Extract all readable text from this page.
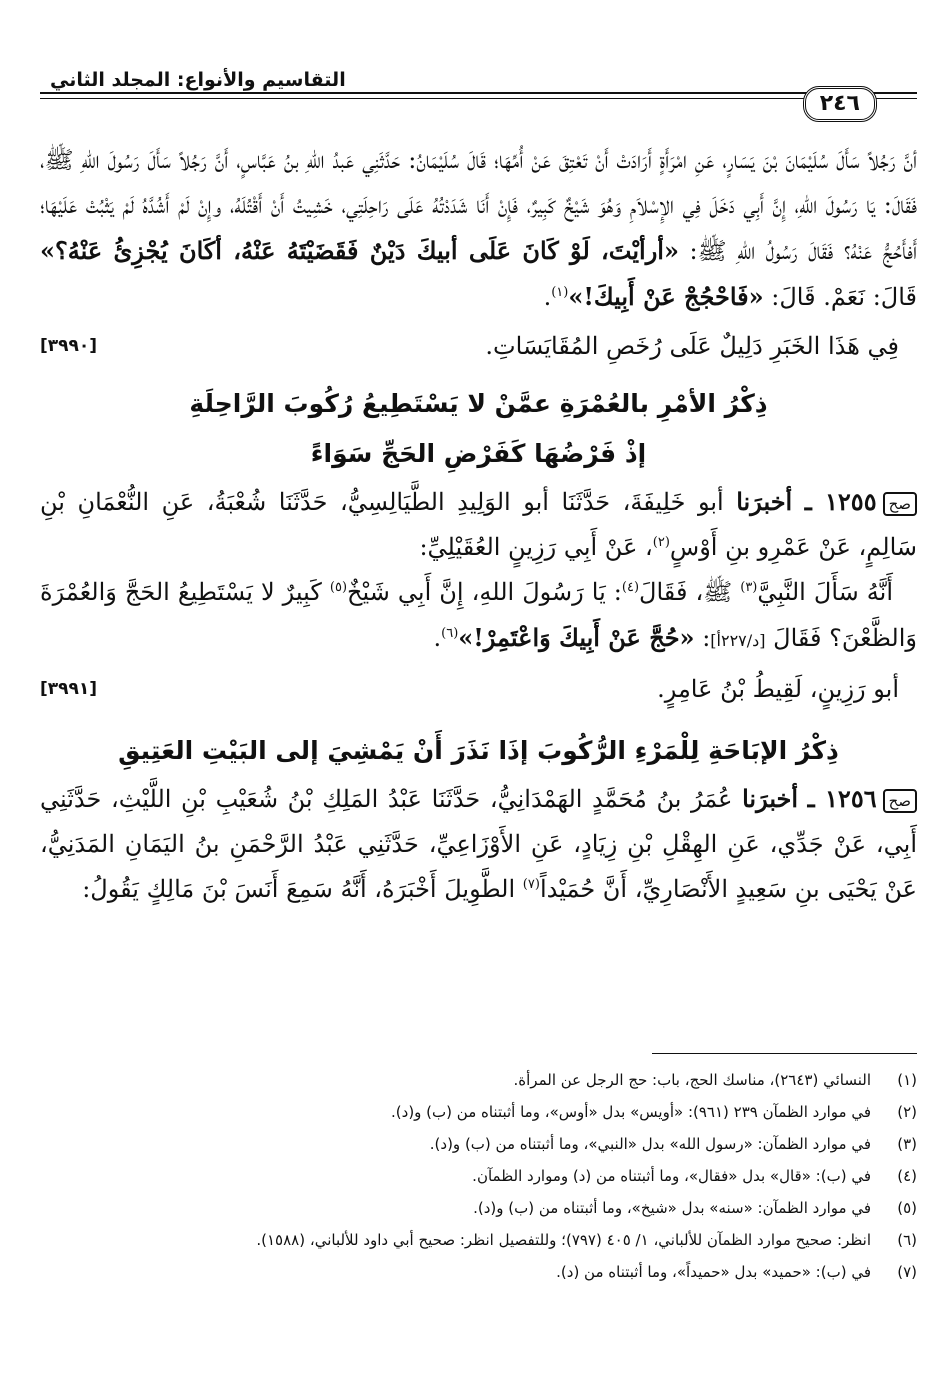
التقاسيم والأنواع: المجلد الثاني
٢٤٦

أنَّ رَجُلاً سَأَلَ سُلَيْمَانَ بْنَ يَسَارٍ، عَنِ امْرَأَةٍ أَرَادَتْ أَنْ تَعْتِقَ عَنْ أُمِّهَا؛ قَالَ سُلَيْمَانُ: حَدَّثَنِي عَبدُ اللهِ بنُ عَبَّاسٍ، أَنَّ رَجُلاً سَأَلَ رَسُولَ اللهِ ﷺ، فَقَالَ: يَا رَسُولَ اللهِ، إِنَّ أَبِي دَخَلَ فِي الإِسْلاَمِ وَهُوَ شَيْخٌ كَبِيرٌ، فَإِنْ أَنَا شَدَدْتُهُ عَلَى رَاحِلَتِي، خَشِيتُ أَنْ أَقْتُلَهُ، وإِنْ لَمْ أَشُدَّهُ لَمْ يَثْبُتْ عَلَيْهَا؛ أَفأَحُجُّ عَنْهُ؟ فَقَالَ رَسُولُ اللهِ ﷺ: «أرأيْتَ، لَوْ كَانَ عَلَى أبيكَ دَيْنٌ فَقَضَيْتَهُ عَنْهُ، أكَانَ يُجْزِئُ عَنْهُ؟» قَالَ: نَعَمْ. قَالَ: «فَاحْجُجْ عَنْ أَبِيكَ!»$^{(١)}$.

فِي هَذَا الخَبَرِ دَلِيلٌ عَلَى رُخَصِ المُقَايَسَاتِ.
[٣٩٩٠]
ذِكْرُ الأمْرِ بالعُمْرَةِ عمَّنْ لا يَسْتَطِيعُ رُكُوبَ الرَّاحِلَةِ
إذْ فَرْضُهَا كَفَرْضِ الحَجِّ سَوَاءً

صح١٢٥٥ ـ أخبرَنا أبو خَلِيفَةَ، حَدَّثَنَا أبو الوَلِيدِ الطَّيَالِسِيُّ، حَدَّثَنَا شُعْبَةُ، عَنِ النُّعْمَانِ بْنِ سَالِمٍ، عَنْ عَمْرِو بنِ أَوْسٍ$^{(٢)}$، عَنْ أَبِي رَزِينٍ العُقَيْلِيِّ:

أَنَّهُ سَأَلَ النَّبِيَّ$^{(٣)}$ ﷺ، فَقَالَ$^{(٤)}$: يَا رَسُولَ اللهِ، إِنَّ أَبِي شَيْخٌ$^{(٥)}$ كَبِيرٌ لا يَسْتَطِيعُ الحَجَّ وَالعُمْرَةَ وَالظَّعْنَ؟ فَقَالَ [د/٢٢٧أ]: «حُجَّ عَنْ أَبِيكَ وَاعْتَمِرْ!»$^{(٦)}$.

أبو رَزِينٍ، لَقِيطُ بْنُ عَامِرٍ.
[٣٩٩١]
ذِكْرُ الإبَاحَةِ لِلْمَرْءِ الرُّكُوبَ إذَا نَذَرَ أَنْ يَمْشِيَ إلى البَيْتِ العَتِيقِ

صح١٢٥٦ ـ أخبرَنا عُمَرُ بنُ مُحَمَّدٍ الهَمْدَانِيُّ، حَدَّثَنَا عَبْدُ المَلِكِ بْنُ شُعَيْبِ بْنِ اللَّيْثِ، حَدَّثَنِي أَبِي، عَنْ جَدِّي، عَنِ الهِقْلِ بْنِ زِيَادٍ، عَنِ الأَوْزَاعِيِّ، حَدَّثَنِي عَبْدُ الرَّحْمَنِ بنُ اليَمَانِ المَدَنِيُّ، عَنْ يَحْيَى بنِ سَعِيدٍ الأَنْصَارِيِّ، أَنَّ حُمَيْداً$^{(٧)}$ الطَّوِيلَ أَخْبَرَهُ، أَنَّهُ سَمِعَ أَنَسَ بْنَ مَالِكٍ يَقُولُ:

(١)
النسائي (٢٦٤٣)، مناسك الحج، باب: حج الرجل عن المرأة.
(٢)
في موارد الظمآن ٢٣٩ (٩٦١): «أويس» بدل «أوس»، وما أثبتناه من (ب) و(د).
(٣)
في موارد الظمآن: «رسول الله» بدل «النبي»، وما أثبتناه من (ب) و(د).
(٤)
في (ب): «قال» بدل «فقال»، وما أثبتناه من (د) وموارد الظمآن.
(٥)
في موارد الظمآن: «سنه» بدل «شيخ»، وما أثبتناه من (ب) و(د).
(٦)
انظر: صحيح موارد الظمآن للألباني، ١/ ٤٠٥ (٧٩٧)؛ وللتفصيل انظر: صحيح أبي داود للألباني، (١٥٨٨).
(٧)
في (ب): «حميد» بدل «حميداً»، وما أثبتناه من (د).
